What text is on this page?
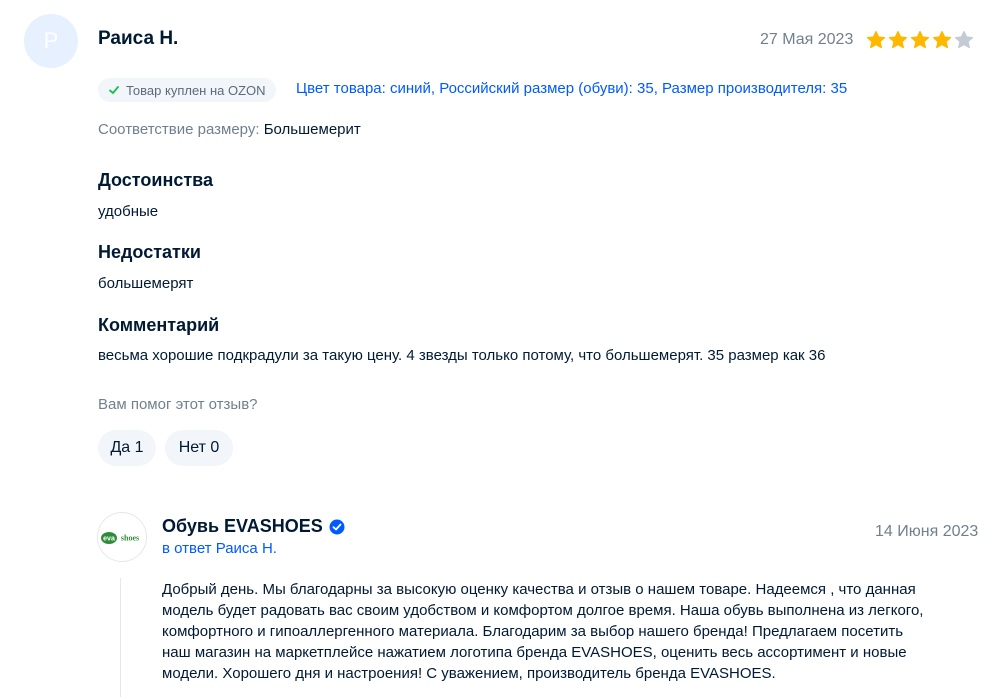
Р Раиса Н.	27 Мая 2023
Товар куплен на OZON Цвет товара: синий, Российский размер (обуви): 35, Размер производителя: 35
Соответствие размеру: Большемерит
Достоинства
удобные
Недостатки
большемерят
Комментарий
весьма хорошие подкрадули за такую цену. 4 звезды только потому, что большемерят. 35 размер как 36
Вам помог этот отзыв?
Да 1	Нет 0
eva shoes
Обувь EVASHOES	14 Июня 2023
в ответ Раиса Н.
Добрый день. Мы благодарны за высокую оценку качества и отзыв о нашем товаре. Надеемся , что данная
модель будет радовать вас своим удобством и комфортом долгое время. Наша обувь выполнена из легкого,
комфортного и гипоаллергенного материала. Благодарим за выбор нашего бренда! Предлагаем посетить
наш магазин на маркетплейсе нажатием логотипа бренда EVASHOES, оценить весь ассортимент и новые
модели. Хорошего дня и настроения! С уважением, производитель бренда EVASHOES.
